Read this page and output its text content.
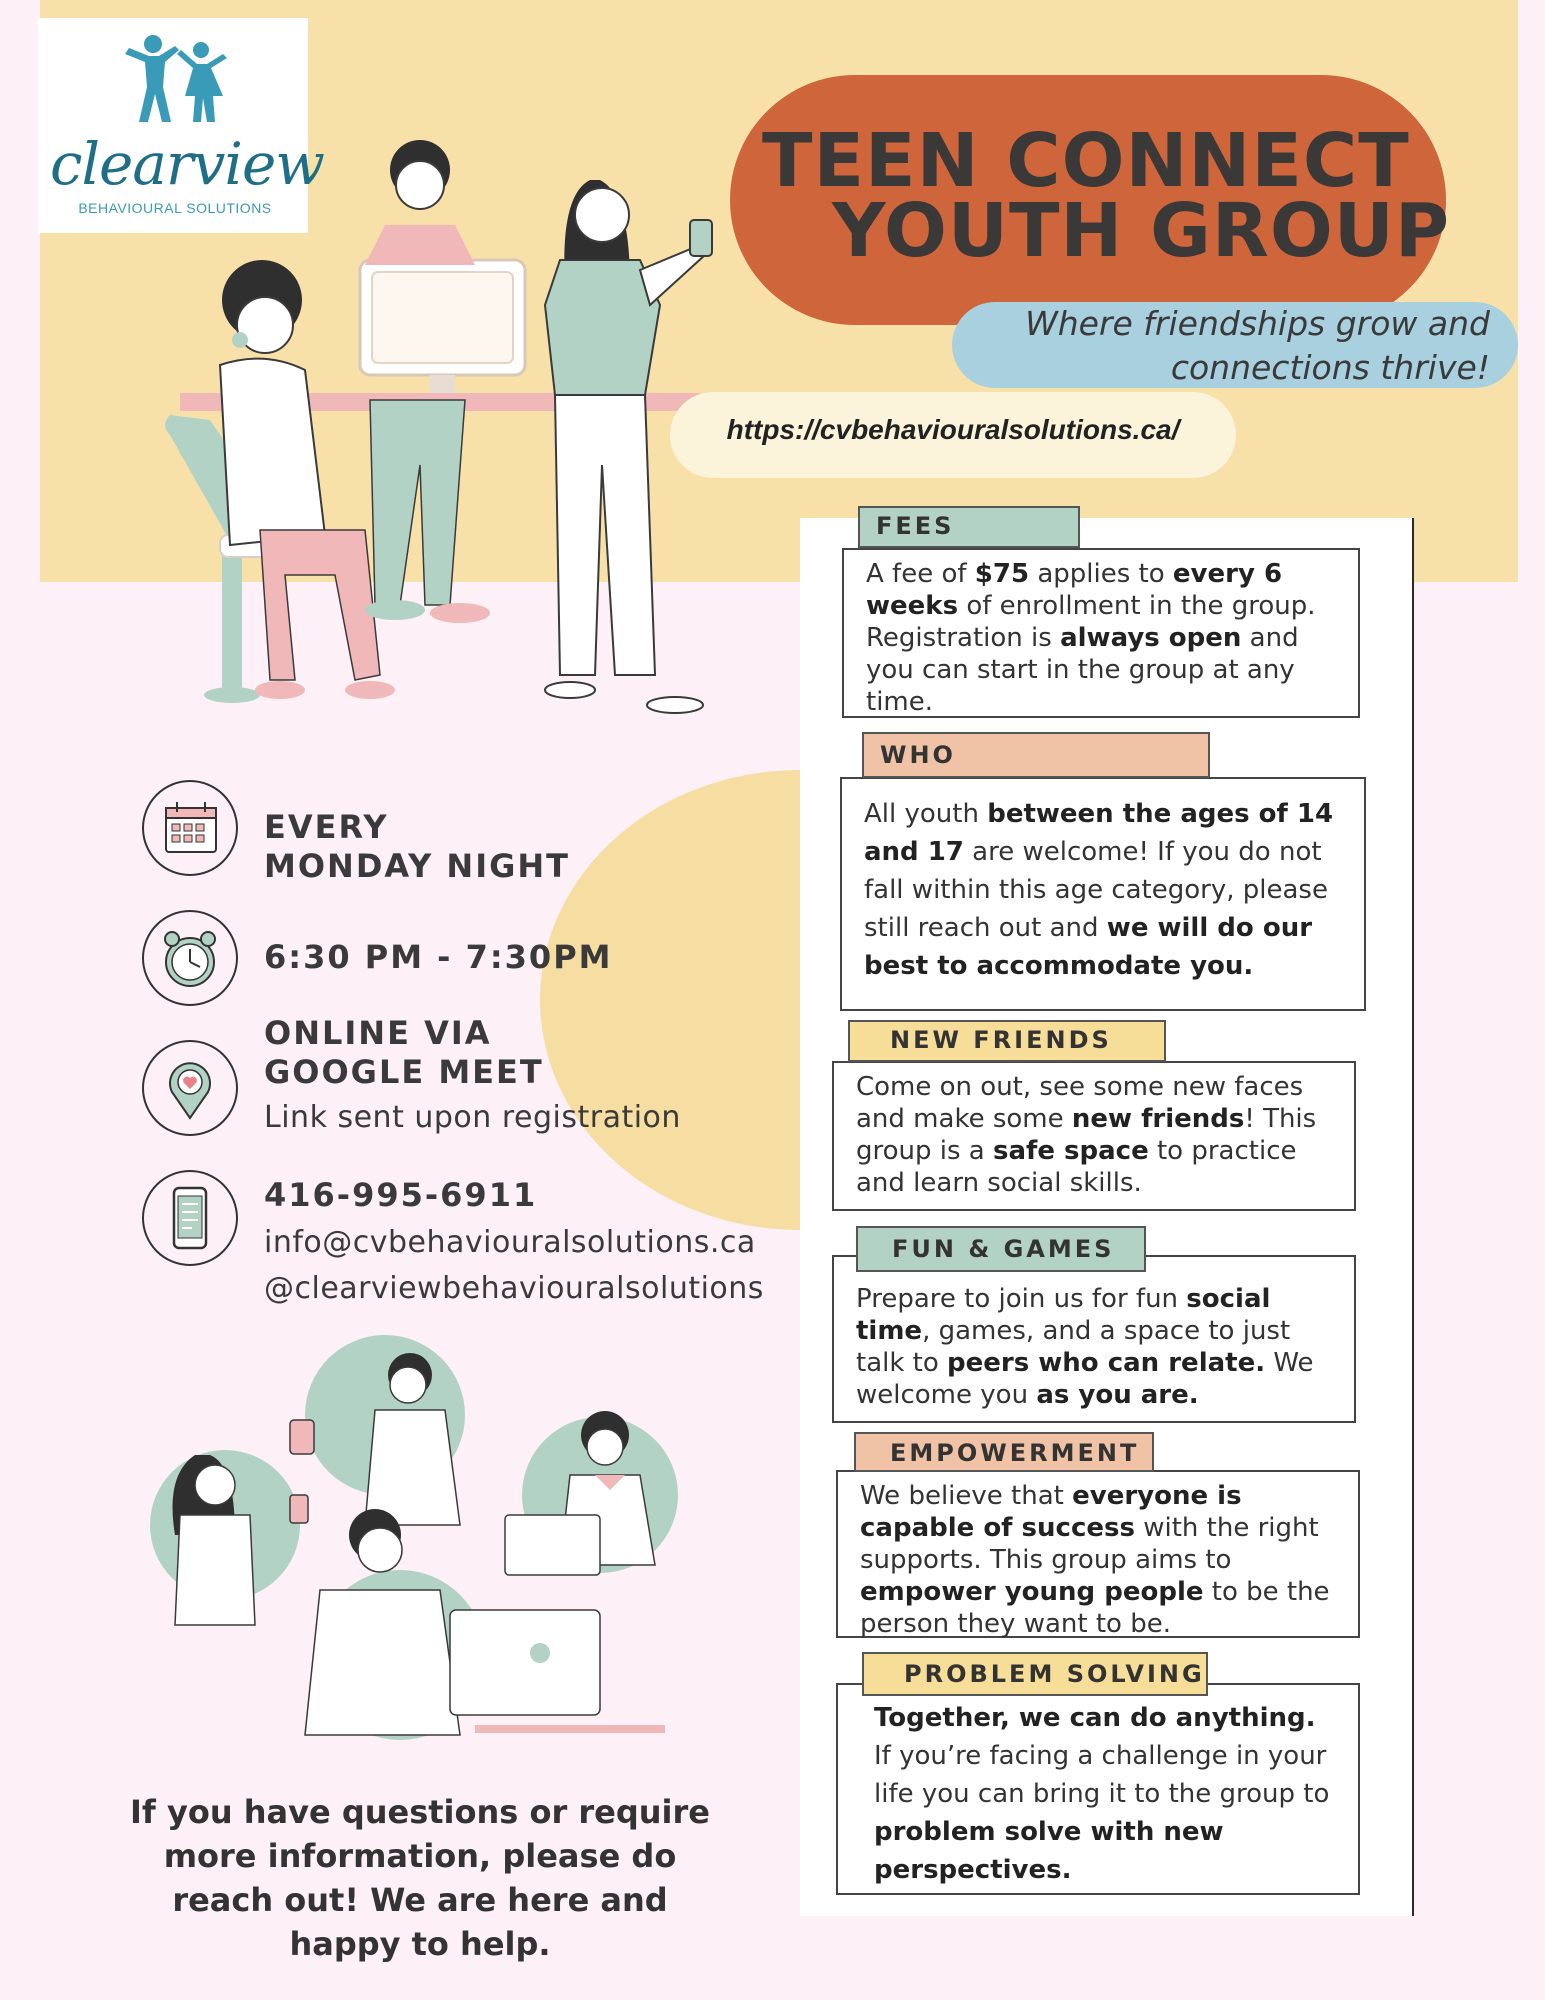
clearview
BEHAVIOURAL SOLUTIONS
TEEN CONNECT
YOUTH GROUP
Where friendships grow and
connections thrive!
https://cvbehaviouralsolutions.ca/
A fee of $75 applies to every 6 weeks of enrollment in the group. Registration is always open and you can start in the group at any time.
FEES
All youth between the ages of 14 and 17 are welcome! If you do not fall within this age category, please still reach out and we will do our best to accommodate you.
WHO
Come on out, see some new faces and make some new friends! This group is a safe space to practice and learn social skills.
NEW FRIENDS
Prepare to join us for fun social time, games, and a space to just talk to peers who can relate. We welcome you as you are.
FUN & GAMES
We believe that everyone is capable of success with the right supports. This group aims to empower young people to be the person they want to be.
EMPOWERMENT
Together, we can do anything. If you’re facing a challenge in your life you can bring it to the group to problem solve with new perspectives.
PROBLEM SOLVING
EVERY
MONDAY NIGHT
6:30 PM - 7:30PM
ONLINE VIA
GOOGLE MEET
Link sent upon registration
416-995-6911
info@cvbehaviouralsolutions.ca
@clearviewbehaviouralsolutions
If you have questions or require more information, please do reach out! We are here and happy to help.
